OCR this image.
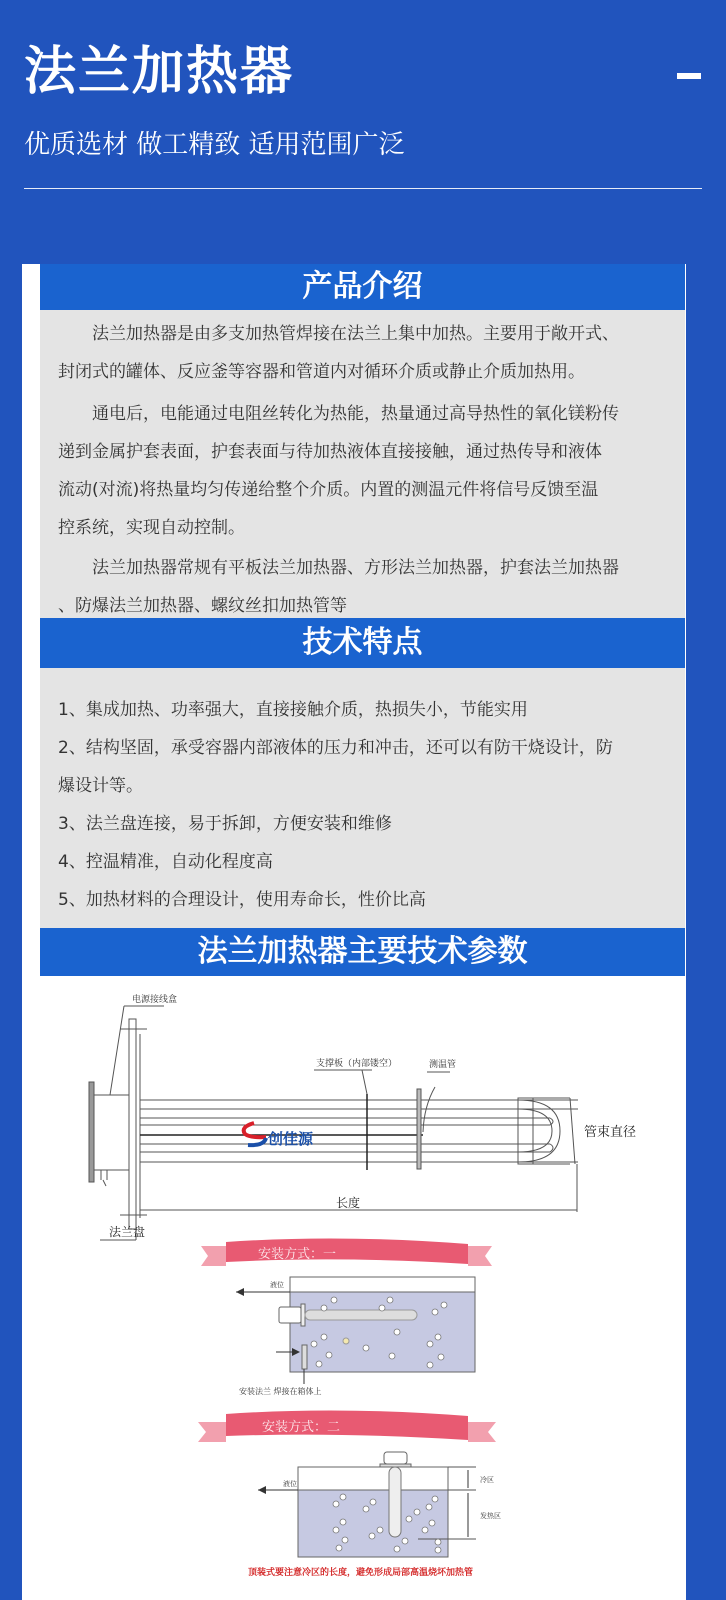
法兰加热器
优质选材 做工精致 适用范围广泛
产品介绍
法兰加热器是由多支加热管焊接在法兰上集中加热。主要用于敞开式、
封闭式的罐体、反应釜等容器和管道内对循环介质或静止介质加热用。
通电后，电能通过电阻丝转化为热能，热量通过高导热性的氧化镁粉传
递到金属护套表面，护套表面与待加热液体直接接触，通过热传导和液体
流动(对流)将热量均匀传递给整个介质。内置的测温元件将信号反馈至温
控系统，实现自动控制。
法兰加热器常规有平板法兰加热器、方形法兰加热器，护套法兰加热器
、防爆法兰加热器、螺纹丝扣加热管等
技术特点
1、集成加热、功率强大，直接接触介质，热损失小，节能实用
2、结构坚固，承受容器内部液体的压力和冲击，还可以有防干烧设计，防
爆设计等。
3、法兰盘连接，易于拆卸，方便安装和维修
4、控温精准，自动化程度高
5、加热材料的合理设计，使用寿命长，性价比高
法兰加热器主要技术参数
创佳源
电源接线盒
支撑板（内部镂空）	测温管
管束直径
长度
法兰盘
安装方式：一
液位
安装法兰 焊接在箱体上
安装方式：二
冷区
发热区
液位
顶装式要注意冷区的长度，避免形成局部高温烧坏加热管
